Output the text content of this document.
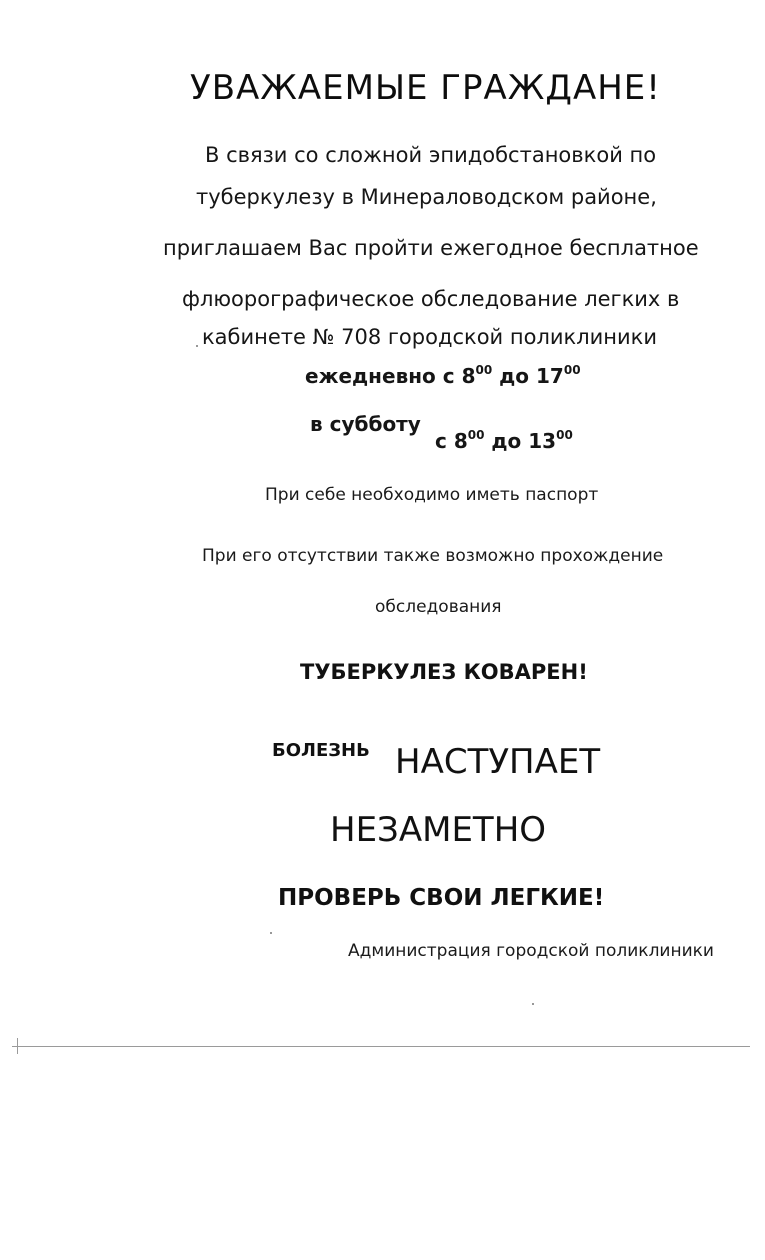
УВАЖАЕМЫЕ ГРАЖДАНЕ!
В связи со сложной эпидобстановкой по
туберкулезу в Минераловодском районе,
приглашаем Вас пройти ежегодное бесплатное
флюорографическое обследование легких в
кабинете № 708 городской поликлиники
ежедневно с $8^{00}$ до $17^{00}$
в субботу
с $8^{00}$ до $13^{00}$
При себе необходимо иметь паспорт
При его отсутствии также возможно прохождение
обследования
ТУБЕРКУЛЕЗ КОВАРЕН!
БОЛЕЗНЬ НАСТУПАЕТ
НЕЗАМЕТНО
ПРОВЕРЬ СВОИ ЛЕГКИЕ!
Администрация городской поликлиники
